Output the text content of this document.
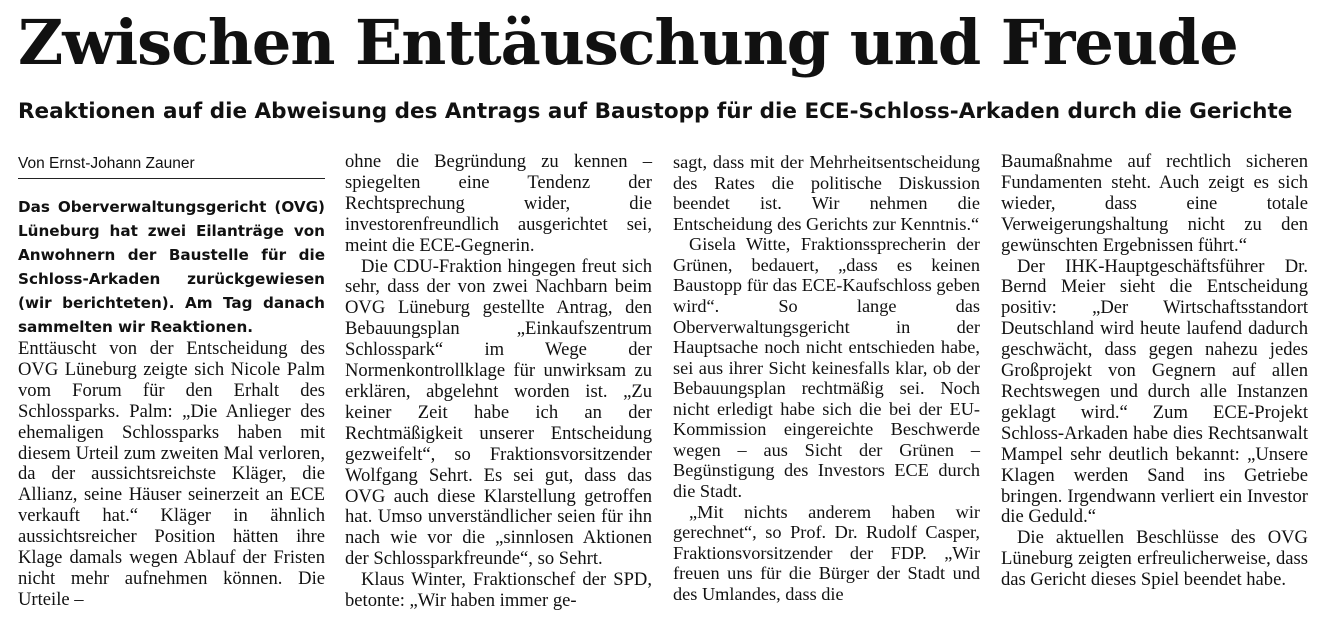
Zwischen Enttäuschung und Freude
Reaktionen auf die Abweisung des Antrags auf Baustopp für die ECE-Schloss-Arkaden durch die Gerichte
Von Ernst-Johann Zauner

Das Oberverwaltungsgericht (OVG) Lüneburg hat zwei Eilanträge von Anwohnern der Baustelle für die Schloss-Arkaden zurückgewiesen (wir berichteten). Am Tag danach sammelten wir Reaktionen.

Enttäuscht von der Entscheidung des OVG Lüneburg zeigte sich Nicole Palm vom Forum für den Erhalt des Schlossparks. Palm: „Die Anlieger des ehemaligen Schlossparks haben mit diesem Urteil zum zweiten Mal verloren, da der aussichtsreichste Kläger, die Allianz, seine Häuser seinerzeit an ECE verkauft hat.“ Kläger in ähnlich aussichtsreicher Position hätten ihre Klage damals wegen Ablauf der Fristen nicht mehr aufnehmen können. Die Urteile –

ohne die Begründung zu kennen – spiegelten eine Tendenz der Rechtsprechung wider, die investorenfreundlich ausgerichtet sei, meint die ECE-Gegnerin.

Die CDU-Fraktion hingegen freut sich sehr, dass der von zwei Nachbarn beim OVG Lüneburg gestellte Antrag, den Bebauungsplan „Einkaufszentrum Schlosspark“ im Wege der Normenkontrollklage für unwirksam zu erklären, abgelehnt worden ist. „Zu keiner Zeit habe ich an der Rechtmäßigkeit unserer Entscheidung gezweifelt“, so Fraktionsvorsitzender Wolfgang Sehrt. Es sei gut, dass das OVG auch diese Klarstellung getroffen hat. Umso unverständlicher seien für ihn nach wie vor die „sinnlosen Aktionen der Schlossparkfreunde“, so Sehrt.

Klaus Winter, Fraktionschef der SPD, betonte: „Wir haben immer ge-

sagt, dass mit der Mehrheitsentscheidung des Rates die politische Diskussion beendet ist. Wir nehmen die Entscheidung des Gerichts zur Kenntnis.“

Gisela Witte, Fraktionssprecherin der Grünen, bedauert, „dass es keinen Baustopp für das ECE-Kaufschloss geben wird“. So lange das Oberverwaltungsgericht in der Hauptsache noch nicht entschieden habe, sei aus ihrer Sicht keinesfalls klar, ob der Bebauungsplan rechtmäßig sei. Noch nicht erledigt habe sich die bei der EU-Kommission eingereichte Beschwerde wegen – aus Sicht der Grünen – Begünstigung des Investors ECE durch die Stadt.

„Mit nichts anderem haben wir gerechnet“, so Prof. Dr. Rudolf Casper, Fraktionsvorsitzender der FDP. „Wir freuen uns für die Bürger der Stadt und des Umlandes, dass die

Baumaßnahme auf rechtlich sicheren Fundamenten steht. Auch zeigt es sich wieder, dass eine totale Verweigerungshaltung nicht zu den gewünschten Ergebnissen führt.“

Der IHK-Hauptgeschäftsführer Dr. Bernd Meier sieht die Entscheidung positiv: „Der Wirtschaftsstandort Deutschland wird heute laufend dadurch geschwächt, dass gegen nahezu jedes Großprojekt von Gegnern auf allen Rechtswegen und durch alle Instanzen geklagt wird.“ Zum ECE-Projekt Schloss-Arkaden habe dies Rechtsanwalt Mampel sehr deutlich bekannt: „Unsere Klagen werden Sand ins Getriebe bringen. Irgendwann verliert ein Investor die Geduld.“

Die aktuellen Beschlüsse des OVG Lüneburg zeigten erfreulicherweise, dass das Gericht dieses Spiel beendet habe.
